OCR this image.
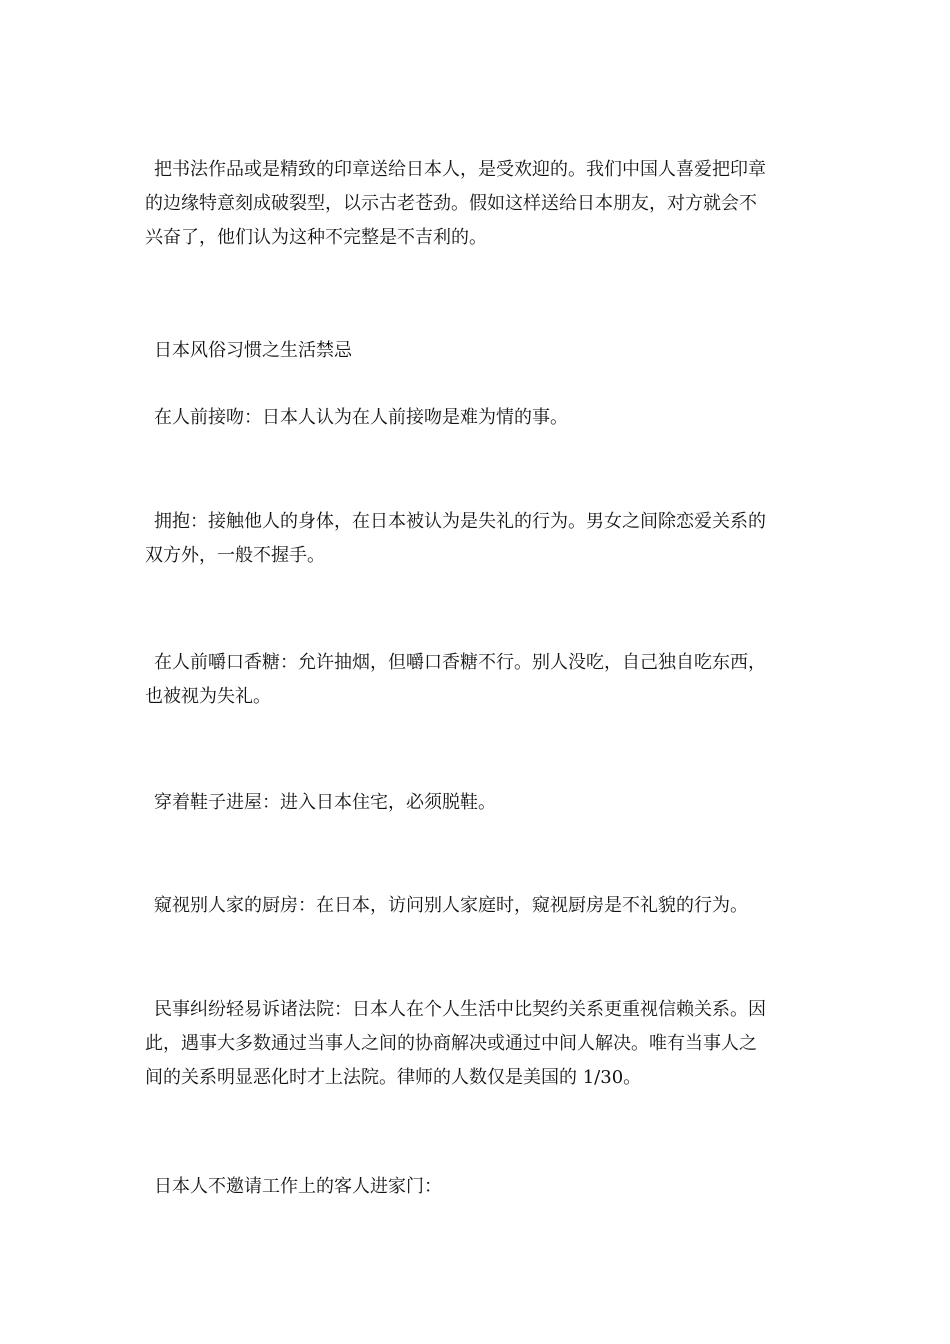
把书法作品或是精致的印章送给日本人，是受欢迎的。我们中国人喜爱把印章
的边缘特意刻成破裂型，以示古老苍劲。假如这样送给日本朋友，对方就会不
兴奋了，他们认为这种不完整是不吉利的。
日本风俗习惯之生活禁忌
在人前接吻：日本人认为在人前接吻是难为情的事。
拥抱：接触他人的身体，在日本被认为是失礼的行为。男女之间除恋爱关系的
双方外，一般不握手。
在人前嚼口香糖：允许抽烟，但嚼口香糖不行。别人没吃，自己独自吃东西，
也被视为失礼。
穿着鞋子进屋：进入日本住宅，必须脱鞋。
窥视别人家的厨房：在日本，访问别人家庭时，窥视厨房是不礼貌的行为。
民事纠纷轻易诉诸法院：日本人在个人生活中比契约关系更重视信赖关系。因
此，遇事大多数通过当事人之间的协商解决或通过中间人解决。唯有当事人之
间的关系明显恶化时才上法院。律师的人数仅是美国的 1/30。
日本人不邀请工作上的客人进家门：
